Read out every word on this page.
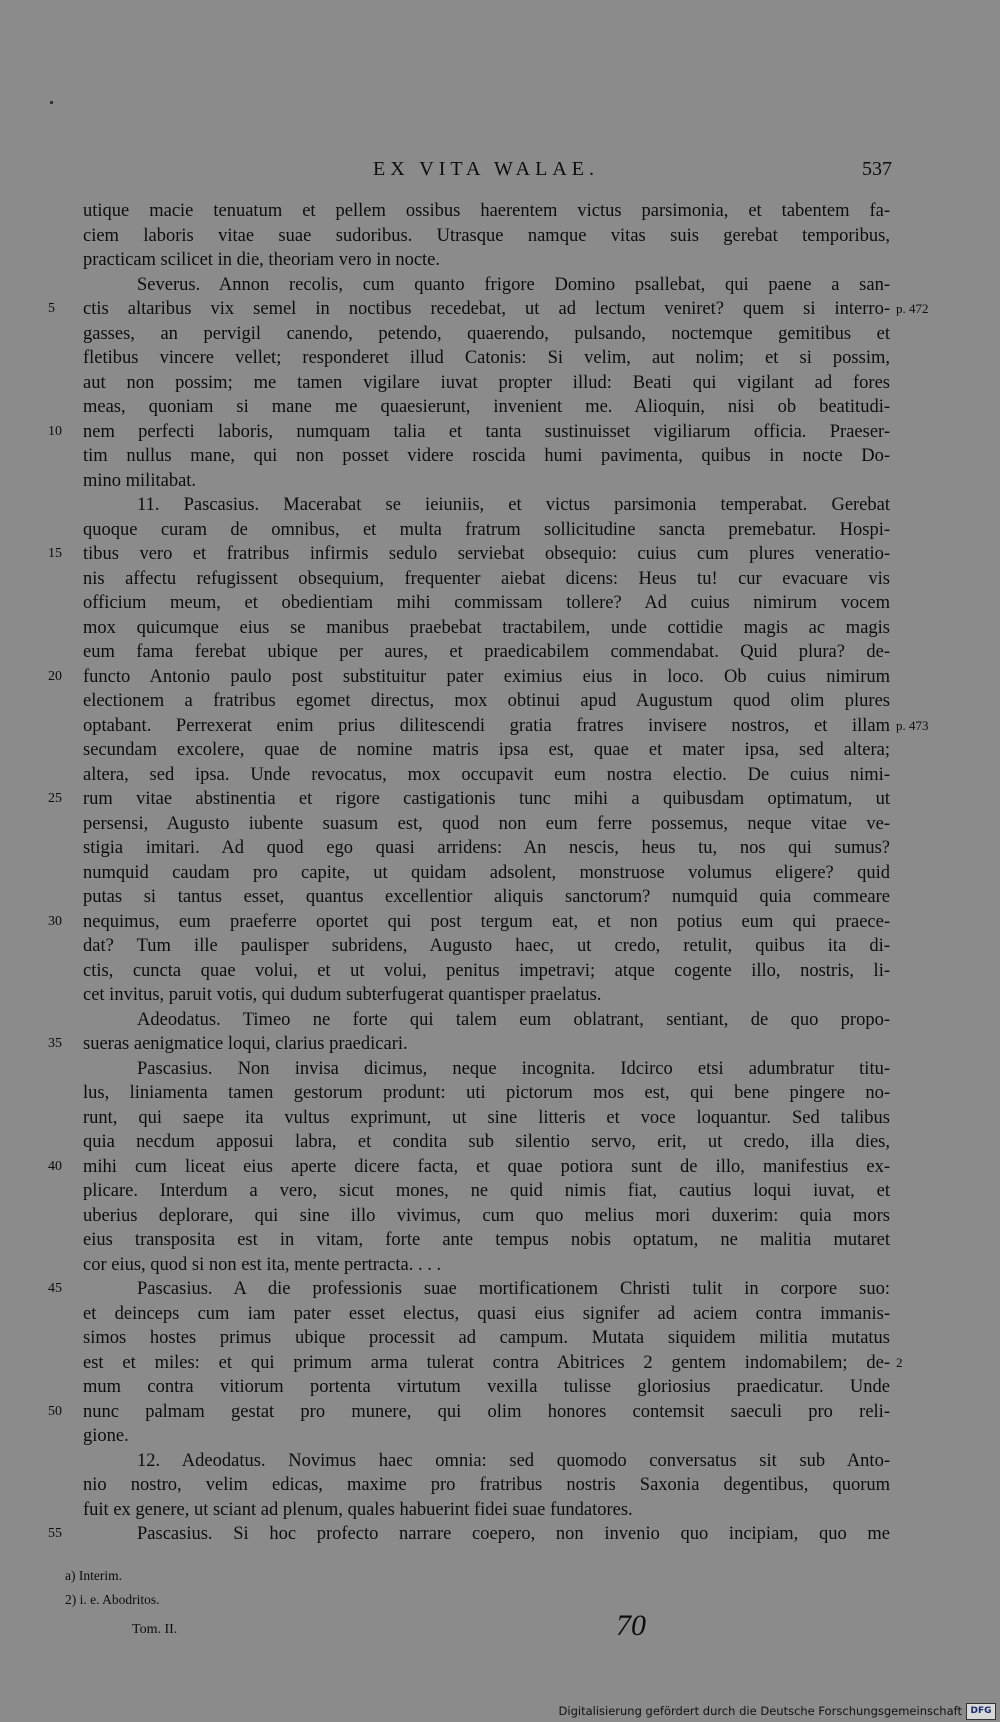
EX VITA WALAE.	537
utique macie tenuatum et pellem ossibus haerentem victus parsimonia, et tabentem fa-
ciem laboris vitae suae sudoribus. Utrasque namque vitas suis gerebat temporibus,
practicam scilicet in die, theoriam vero in nocte.
Severus. Annon recolis, cum quanto frigore Domino psallebat, qui paene a san-
5	ctis altaribus vix semel in noctibus recedebat, ut ad lectum veniret? quem si interro- p. 472
gasses, an pervigil canendo, petendo, quaerendo, pulsando, noctemque gemitibus et
fletibus vincere vellet; responderet illud Catonis: Si velim, aut nolim; et si possim,
aut non possim; me tamen vigilare iuvat propter illud: Beati qui vigilant ad fores
meas, quoniam si mane me quaesierunt, invenient me. Alioquin, nisi ob beatitudi-
10	nem perfecti laboris, numquam talia et tanta sustinuisset vigiliarum officia. Praeser-
tim nullus mane, qui non posset videre roscida humi pavimenta, quibus in nocte Do-
mino militabat.
11. Pascasius. Macerabat se ieiuniis, et victus parsimonia temperabat. Gerebat
quoque curam de omnibus, et multa fratrum sollicitudine sancta premebatur. Hospi-
15	tibus vero et fratribus infirmis sedulo serviebat obsequio: cuius cum plures veneratio-
nis affectu refugissent obsequium, frequenter aiebat dicens: Heus tu! cur evacuare vis
officium meum, et obedientiam mihi commissam tollere? Ad cuius nimirum vocem
mox quicumque eius se manibus praebebat tractabilem, unde cottidie magis ac magis
eum fama ferebat ubique per aures, et praedicabilem commendabat. Quid plura? de-
20	functo Antonio paulo post substituitur pater eximius eius in loco. Ob cuius nimirum
electionem a fratribus egomet directus, mox obtinui apud Augustum quod olim plures
optabant. Perrexerat enim prius dilitescendi gratia fratres invisere nostros, et illam p. 473
secundam excolere, quae de nomine matris ipsa est, quae et mater ipsa, sed altera;
altera, sed ipsa. Unde revocatus, mox occupavit eum nostra electio. De cuius nimi-
25	rum vitae abstinentia et rigore castigationis tunc mihi a quibusdam optimatum, ut
persensi, Augusto iubente suasum est, quod non eum ferre possemus, neque vitae ve-
stigia imitari. Ad quod ego quasi arridens: An nescis, heus tu, nos qui sumus?
numquid caudam pro capite, ut quidam adsolent, monstruose volumus eligere? quid
putas si tantus esset, quantus excellentior aliquis sanctorum? numquid quia commeare
30	nequimus, eum praeferre oportet qui post tergum eat, et non potius eum qui praece-
dat? Tum ille paulisper subridens, Augusto haec, ut credo, retulit, quibus ita di-
ctis, cuncta quae volui, et ut volui, penitus impetravi; atque cogente illo, nostris, li-
cet invitus, paruit votis, qui dudum subterfugerat quantisper praelatus.
Adeodatus. Timeo ne forte qui talem eum oblatrant, sentiant, de quo propo-
35	sueras aenigmatice loqui, clarius praedicari.
Pascasius. Non invisa dicimus, neque incognita. Idcirco etsi adumbratur titu-
lus, liniamenta tamen gestorum produnt: uti pictorum mos est, qui bene pingere no-
runt, qui saepe ita vultus exprimunt, ut sine litteris et voce loquantur. Sed talibus
quia necdum apposui labra, et condita sub silentio servo, erit, ut credo, illa dies,
40	mihi cum liceat eius aperte dicere facta, et quae potiora sunt de illo, manifestius ex-
plicare. Interdum a vero, sicut mones, ne quid nimis fiat, cautius loqui iuvat, et
uberius deplorare, qui sine illo vivimus, cum quo melius mori duxerim: quia mors
eius transposita est in vitam, forte ante tempus nobis optatum, ne malitia mutaret
cor eius, quod si non est ita, mente pertracta. . . .
45	Pascasius. A die professionis suae mortificationem Christi tulit in corpore suo:
et deinceps cum iam pater esset electus, quasi eius signifer ad aciem contra immanis-
simos hostes primus ubique processit ad campum. Mutata siquidem militia mutatus
est et miles: et qui primum arma tulerat contra Abitrices 2 gentem indomabilem; de- 2
mum contra vitiorum portenta virtutum vexilla tulisse gloriosius praedicatur. Unde
50	nunc palmam gestat pro munere, qui olim honores contemsit saeculi pro reli-
gione.
12. Adeodatus. Novimus haec omnia: sed quomodo conversatus sit sub Anto-
nio nostro, velim edicas, maxime pro fratribus nostris Saxonia degentibus, quorum
fuit ex genere, ut sciant ad plenum, quales habuerint fidei suae fundatores.
55	Pascasius. Si hoc profecto narrare coepero, non invenio quo incipiam, quo me
a) Interim.
2) i. e. Abodritos.
Tom. II.	70
Digitalisierung gefördert durch die Deutsche Forschungsgemeinschaft DFG
